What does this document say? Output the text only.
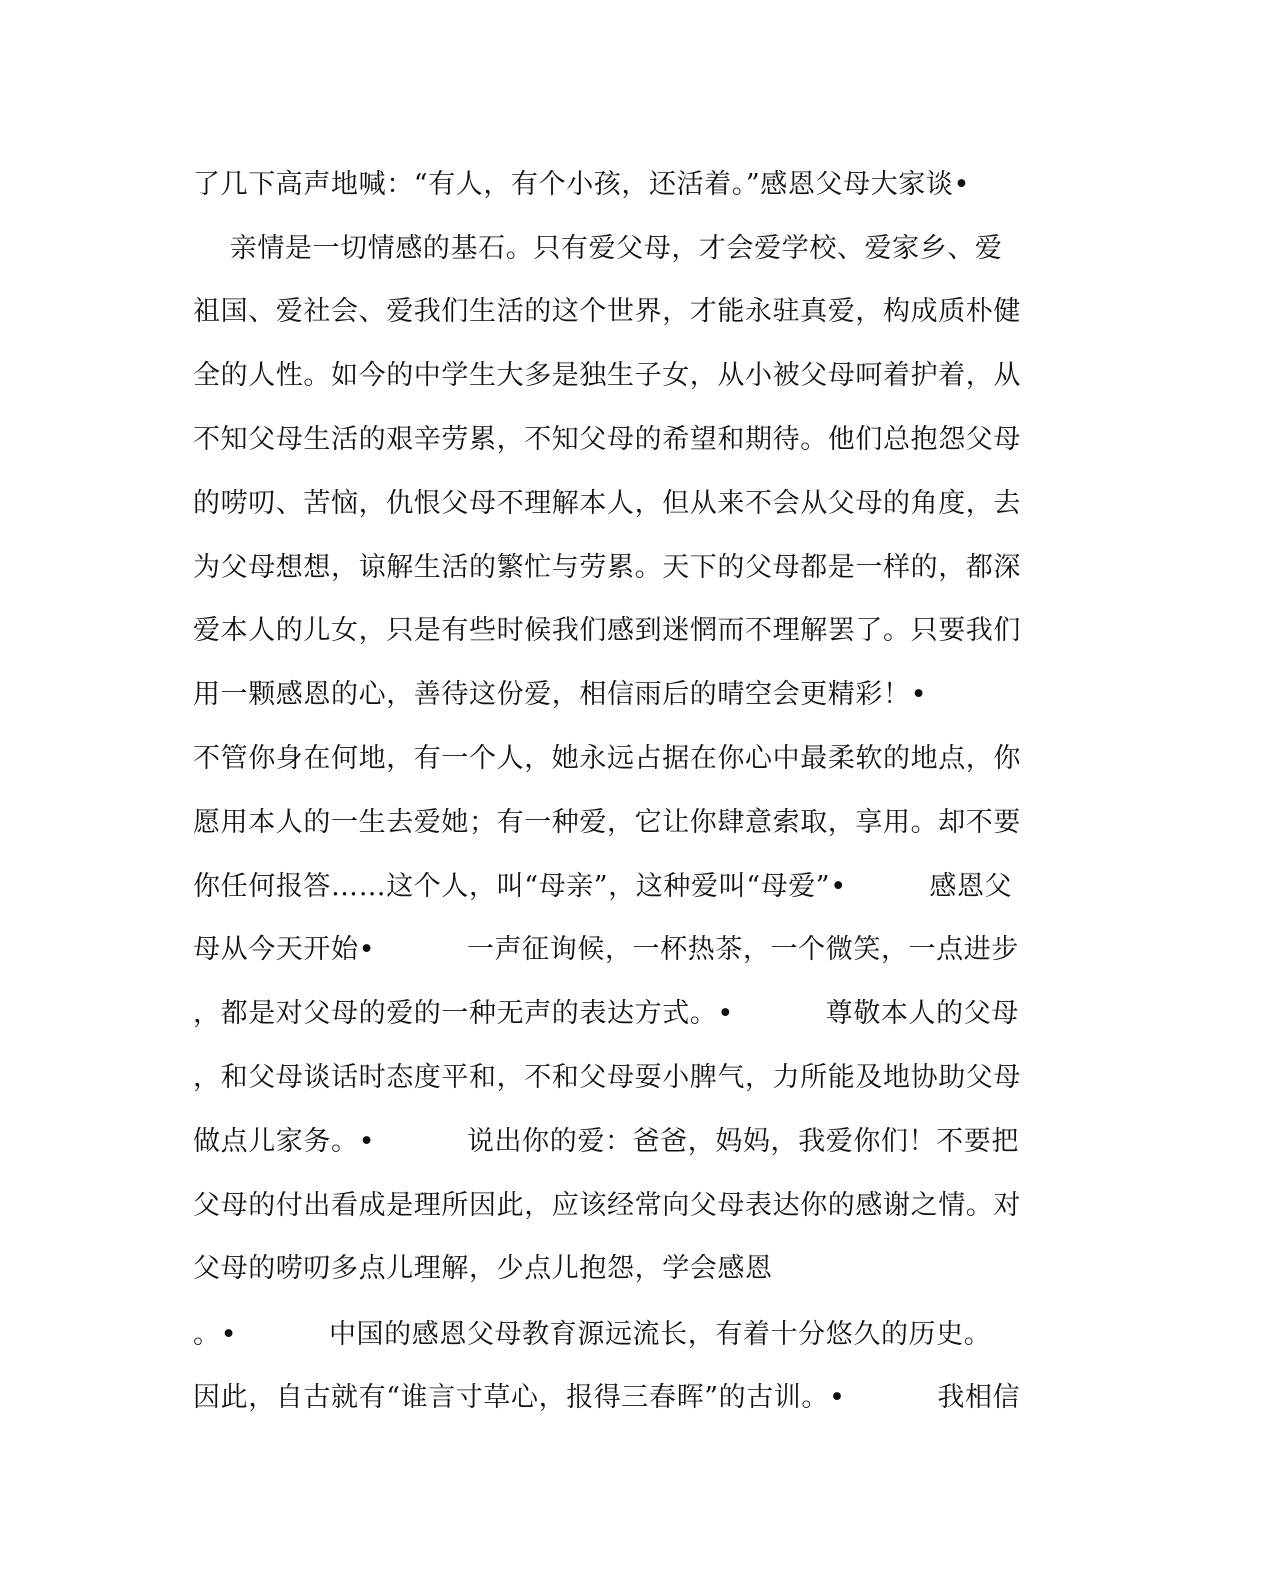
了几下高声地喊：“有人，有个小孩，还活着。”感恩父母大家谈•
亲情是一切情感的基石。只有爱父母，才会爱学校、爱家乡、爱
祖国、爱社会、爱我们生活的这个世界，才能永驻真爱，构成质朴健
全的人性。如今的中学生大多是独生子女，从小被父母呵着护着，从
不知父母生活的艰辛劳累，不知父母的希望和期待。他们总抱怨父母
的唠叨、苦恼，仇恨父母不理解本人，但从来不会从父母的角度，去
为父母想想，谅解生活的繁忙与劳累。天下的父母都是一样的，都深
爱本人的儿女，只是有些时候我们感到迷惘而不理解罢了。只要我们
用一颗感恩的心，善待这份爱，相信雨后的晴空会更精彩！•
不管你身在何地，有一个人，她永远占据在你心中最柔软的地点，你
愿用本人的一生去爱她；有一种爱，它让你肆意索取，享用。却不要
你任何报答……这个人，叫“母亲”，这种爱叫“母爱”•         感恩父
母从今天开始•          一声征询候，一杯热茶，一个微笑，一点进步
，都是对父母的爱的一种无声的表达方式。•          尊敬本人的父母
，和父母谈话时态度平和，不和父母耍小脾气，力所能及地协助父母
做点儿家务。•          说出你的爱：爸爸，妈妈，我爱你们！不要把
父母的付出看成是理所因此，应该经常向父母表达你的感谢之情。对
父母的唠叨多点儿理解，少点儿抱怨，学会感恩
。•          中国的感恩父母教育源远流长，有着十分悠久的历史。
因此，自古就有“谁言寸草心，报得三春晖”的古训。•          我相信
